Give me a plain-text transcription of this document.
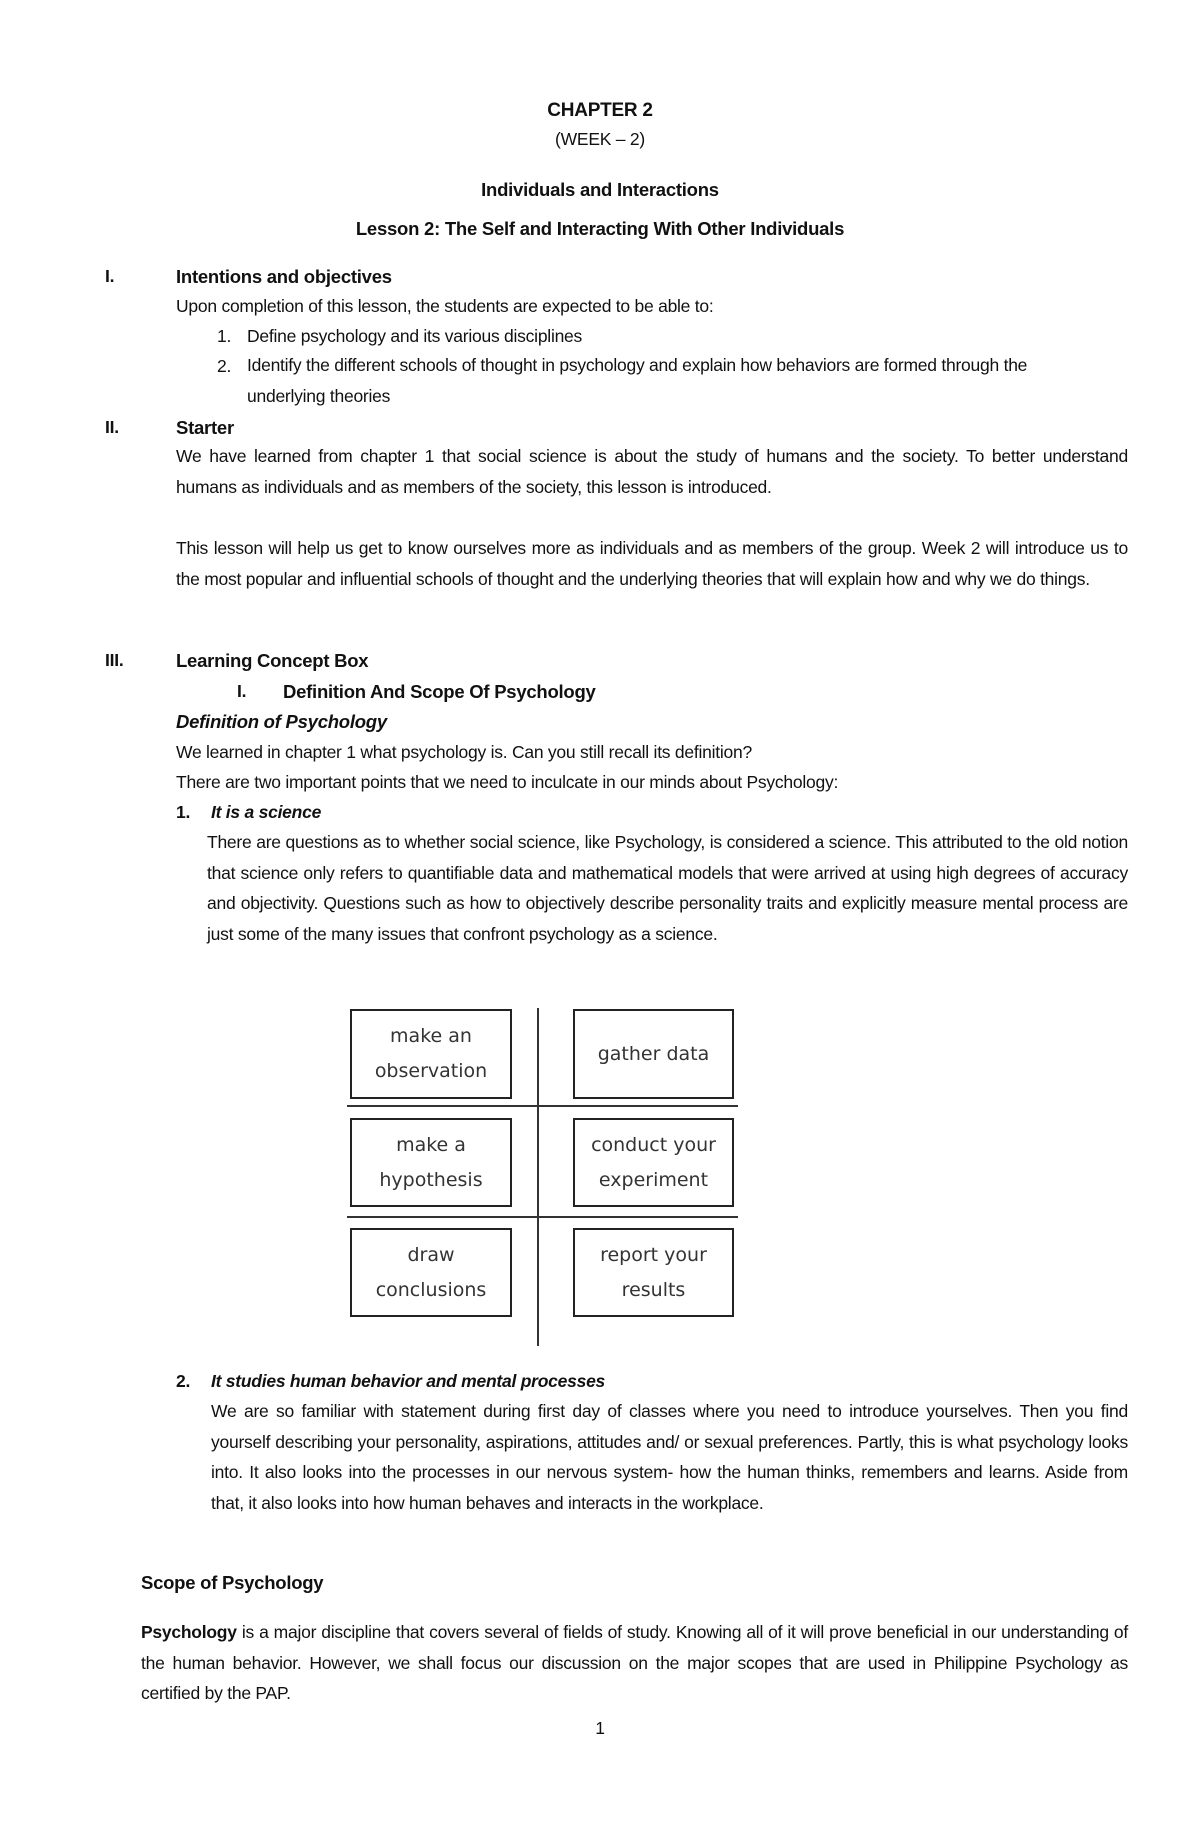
CHAPTER 2
(WEEK – 2)
Individuals and Interactions
Lesson 2: The Self and Interacting With Other Individuals
I.	Intentions and objectives
Upon completion of this lesson, the students are expected to be able to:
1. Define psychology and its various disciplines
2. Identify the different schools of thought in psychology and explain how behaviors are formed through the underlying theories
II.	Starter
We have learned from chapter 1 that social science is about the study of humans and the society. To better understand humans as individuals and as members of the society, this lesson is introduced.
This lesson will help us get to know ourselves more as individuals and as members of the group. Week 2 will introduce us to the most popular and influential schools of thought and the underlying theories that will explain how and why we do things.
III.	Learning Concept Box
I. Definition And Scope Of Psychology
Definition of Psychology
We learned in chapter 1 what psychology is. Can you still recall its definition?
There are two important points that we need to inculcate in our minds about Psychology:
1. It is a science
There are questions as to whether social science, like Psychology, is considered a science. This attributed to the old notion that science only refers to quantifiable data and mathematical models that were arrived at using high degrees of accuracy and objectivity. Questions such as how to objectively describe personality traits and explicitly measure mental process are just some of the many issues that confront psychology as a science.
make an observation
gather data
make a hypothesis
conduct your experiment
draw conclusions
report your results
2. It studies human behavior and mental processes
We are so familiar with statement during first day of classes where you need to introduce yourselves. Then you find yourself describing your personality, aspirations, attitudes and/ or sexual preferences. Partly, this is what psychology looks into. It also looks into the processes in our nervous system- how the human thinks, remembers and learns. Aside from that, it also looks into how human behaves and interacts in the workplace.
Scope of Psychology
Psychology is a major discipline that covers several of fields of study. Knowing all of it will prove beneficial in our understanding of the human behavior. However, we shall focus our discussion on the major scopes that are used in Philippine Psychology as certified by the PAP.
1
